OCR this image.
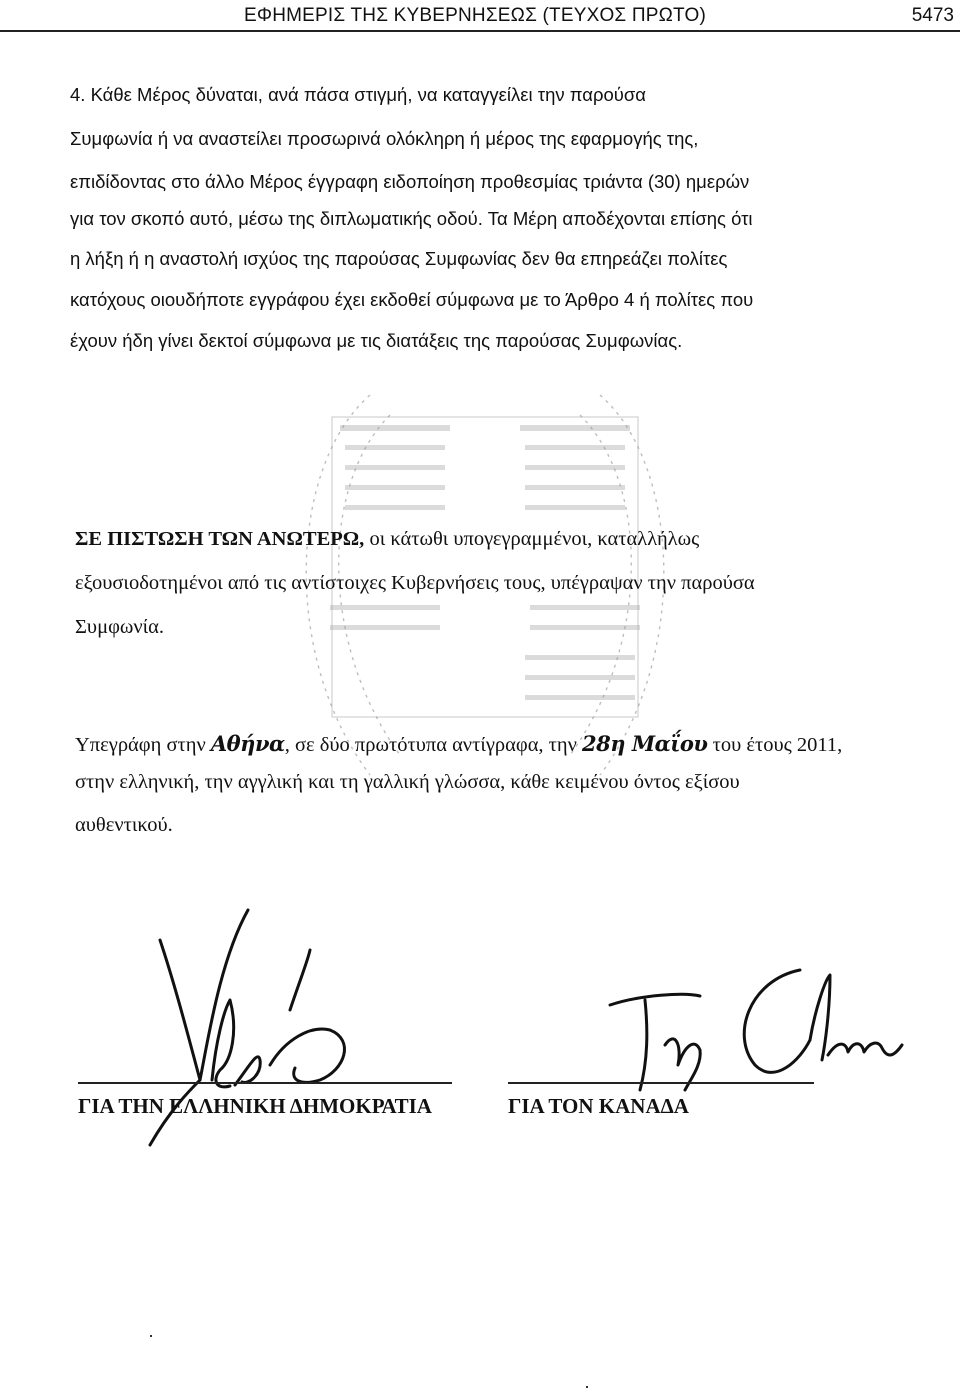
ΕΦΗΜΕΡΙΣ ΤΗΣ ΚΥΒΕΡΝΗΣΕΩΣ (ΤΕΥΧΟΣ ΠΡΩΤΟ)	5473
4. Κάθε Μέρος δύναται, ανά πάσα στιγμή, να καταγγείλει την παρούσα
Συμφωνία ή να αναστείλει προσωρινά ολόκληρη ή μέρος της εφαρμογής της,
επιδίδοντας στο άλλο Μέρος έγγραφη ειδοποίηση προθεσμίας τριάντα (30) ημερών
για τον σκοπό αυτό, μέσω της διπλωματικής οδού. Τα Μέρη αποδέχονται επίσης ότι
η λήξη ή η αναστολή ισχύος της παρούσας Συμφωνίας δεν θα επηρεάζει πολίτες
κατόχους οιουδήποτε εγγράφου έχει εκδοθεί σύμφωνα με το Άρθρο 4 ή πολίτες που
έχουν ήδη γίνει δεκτοί σύμφωνα με τις διατάξεις της παρούσας Συμφωνίας.
ΣΕ ΠΙΣΤΩΣΗ ΤΩΝ ΑΝΩΤΕΡΩ, οι κάτωθι υπογεγραμμένοι, καταλλήλως
εξουσιοδοτημένοι από τις αντίστοιχες Κυβερνήσεις τους, υπέγραψαν την παρούσα
Συμφωνία.
Υπεγράφη στην Αθήνα, σε δύο πρωτότυπα αντίγραφα, την 28η Μαΐου του έτους 2011,
στην ελληνική, την αγγλική και τη γαλλική γλώσσα, κάθε κειμένου όντος εξίσου
αυθεντικού.
ΓΙΑ ΤΗΝ ΕΛΛΗΝΙΚΗ ΔΗΜΟΚΡΑΤΙΑ	ΓΙΑ ΤΟΝ ΚΑΝΑΔΑ
